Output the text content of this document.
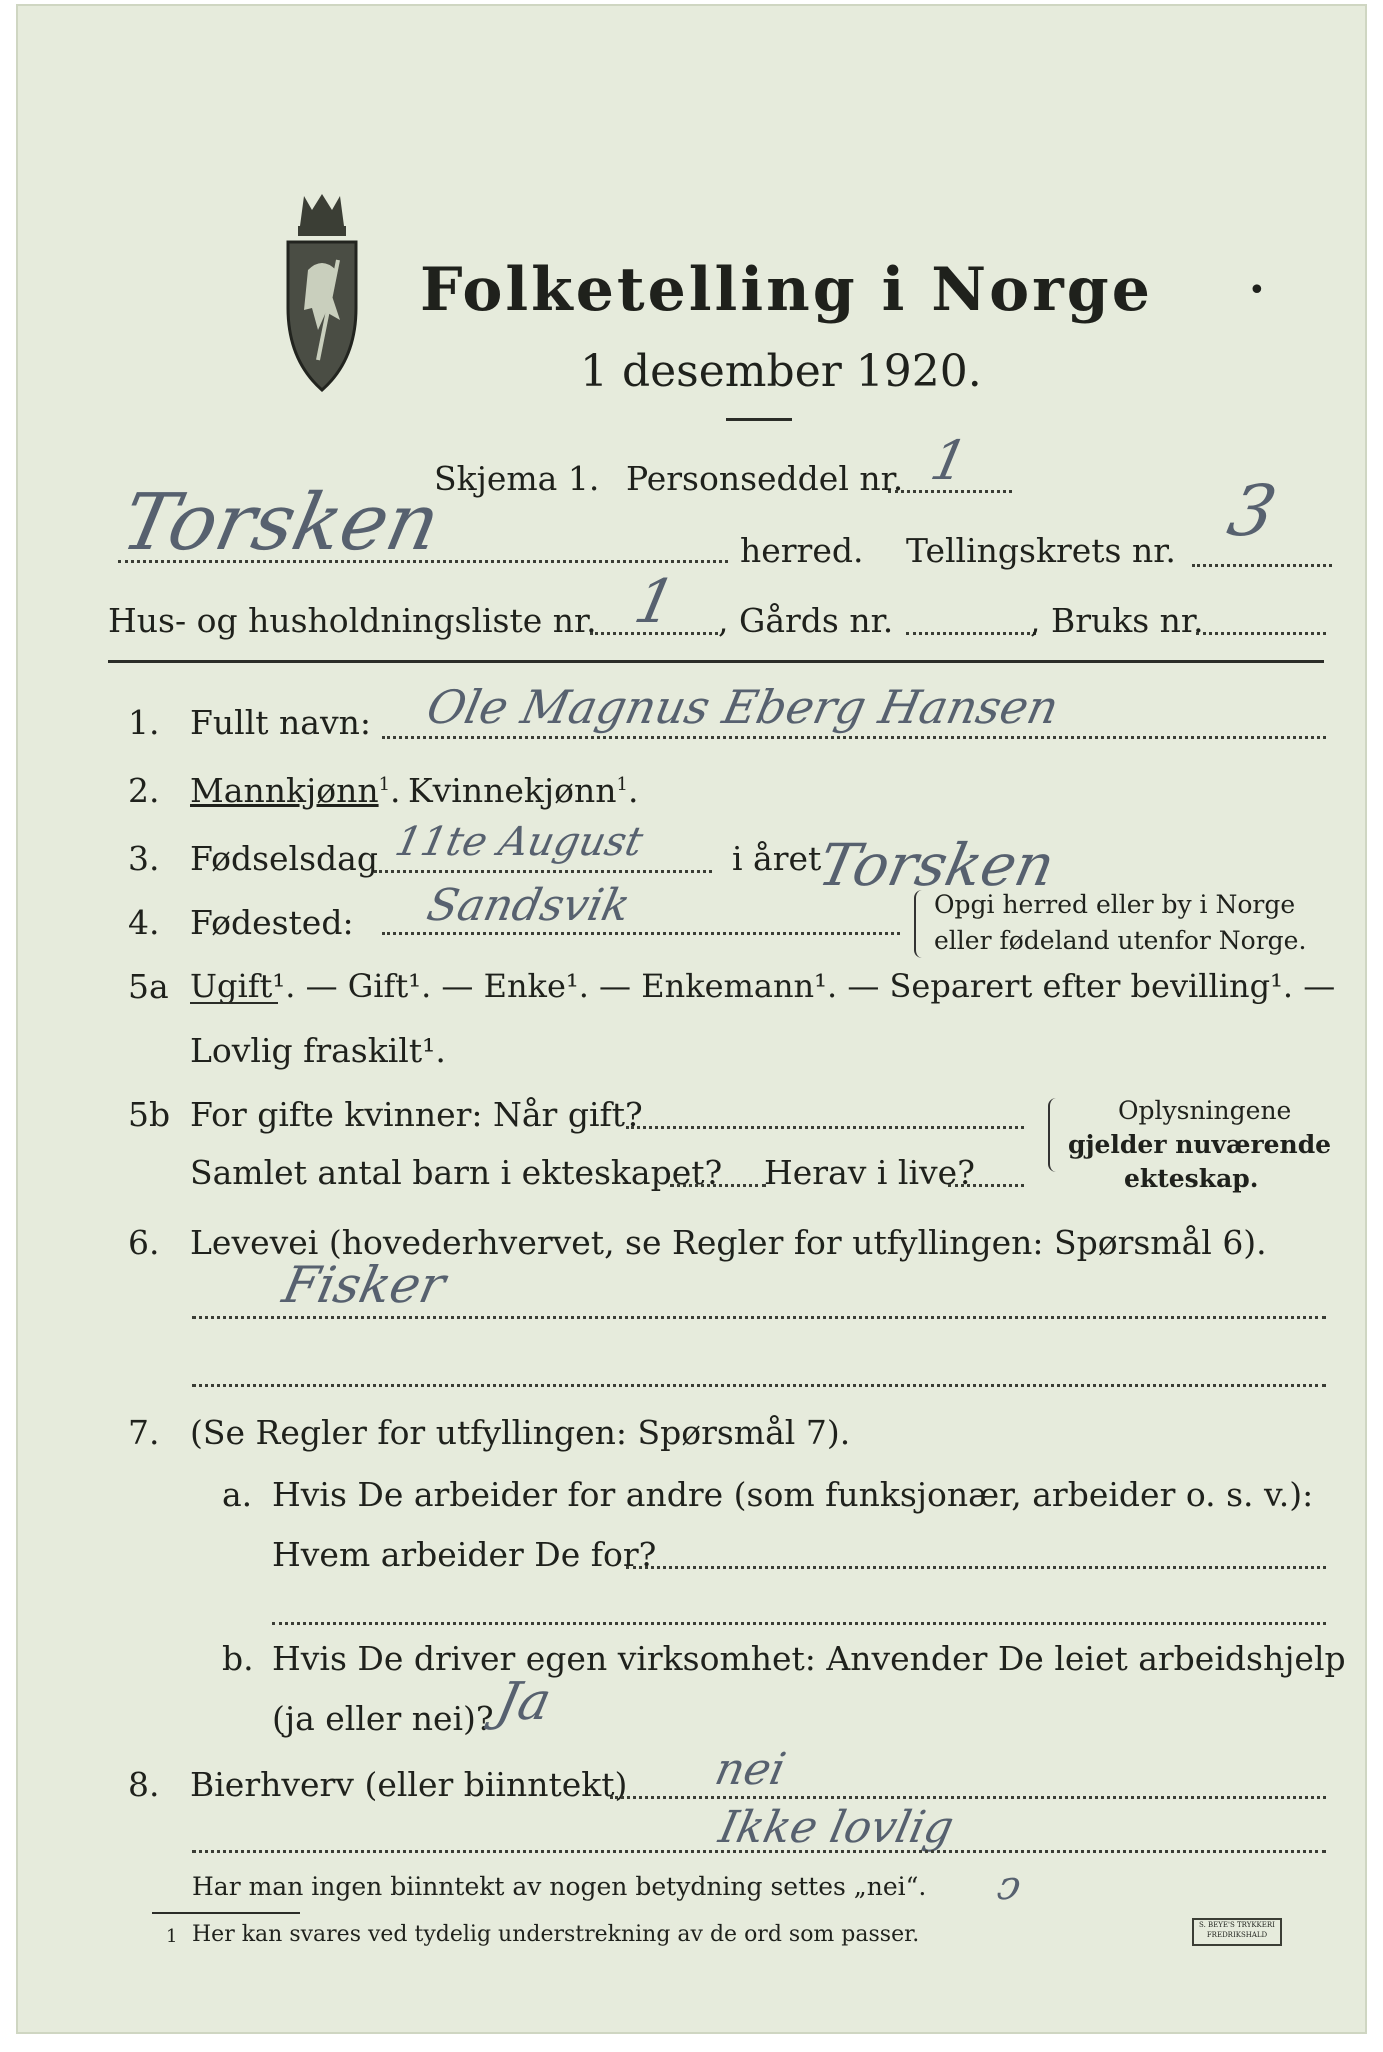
Folketelling i Norge	•
1 desember 1920.
Torsken
Skjema 1. Personseddel nr. 1
herred. Tellingskrets nr. 3
Hus- og husholdningsliste nr. 1 , Gårds nr.	, Bruks nr.
1. Fullt navn: Ole Magnus Eberg Hansen
2. Mannkjønn$^1$. Kvinnekjønn$^1$.
3. Fødselsdag 11te August	i året
Torsken
4. Fødested: Sandsvik	Opgi herred eller by i Norge
eller fødeland utenfor Norge.
5a Ugift¹. — Gift¹. — Enke¹. — Enkemann¹. — Separert efter bevilling¹. —
Lovlig fraskilt¹.
5b For gifte kvinner: Når gift?
Samlet antal barn i ekteskapet? Herav i live?
Oplysningene
gjelder nuværende
ekteskap.
6. Levevei (hovederhvervet, se Regler for utfyllingen: Spørsmål 6).
Fisker
7. (Se Regler for utfyllingen: Spørsmål 7).
a. Hvis De arbeider for andre (som funksjonær, arbeider o. s. v.):
Hvem arbeider De for?
b. Hvis De driver egen virksomhet: Anvender De leiet arbeidshjelp
(ja eller nei)?
Ja
8. Bierhverv (eller biinntekt) nei
Ikke lovlig
Har man ingen biinntekt av nogen betydning settes „nei“. ↄ
1 Her kan svares ved tydelig understrekning av de ord som passer.	S. BEYE'S TRYKKERI
FREDRIKSHALD
